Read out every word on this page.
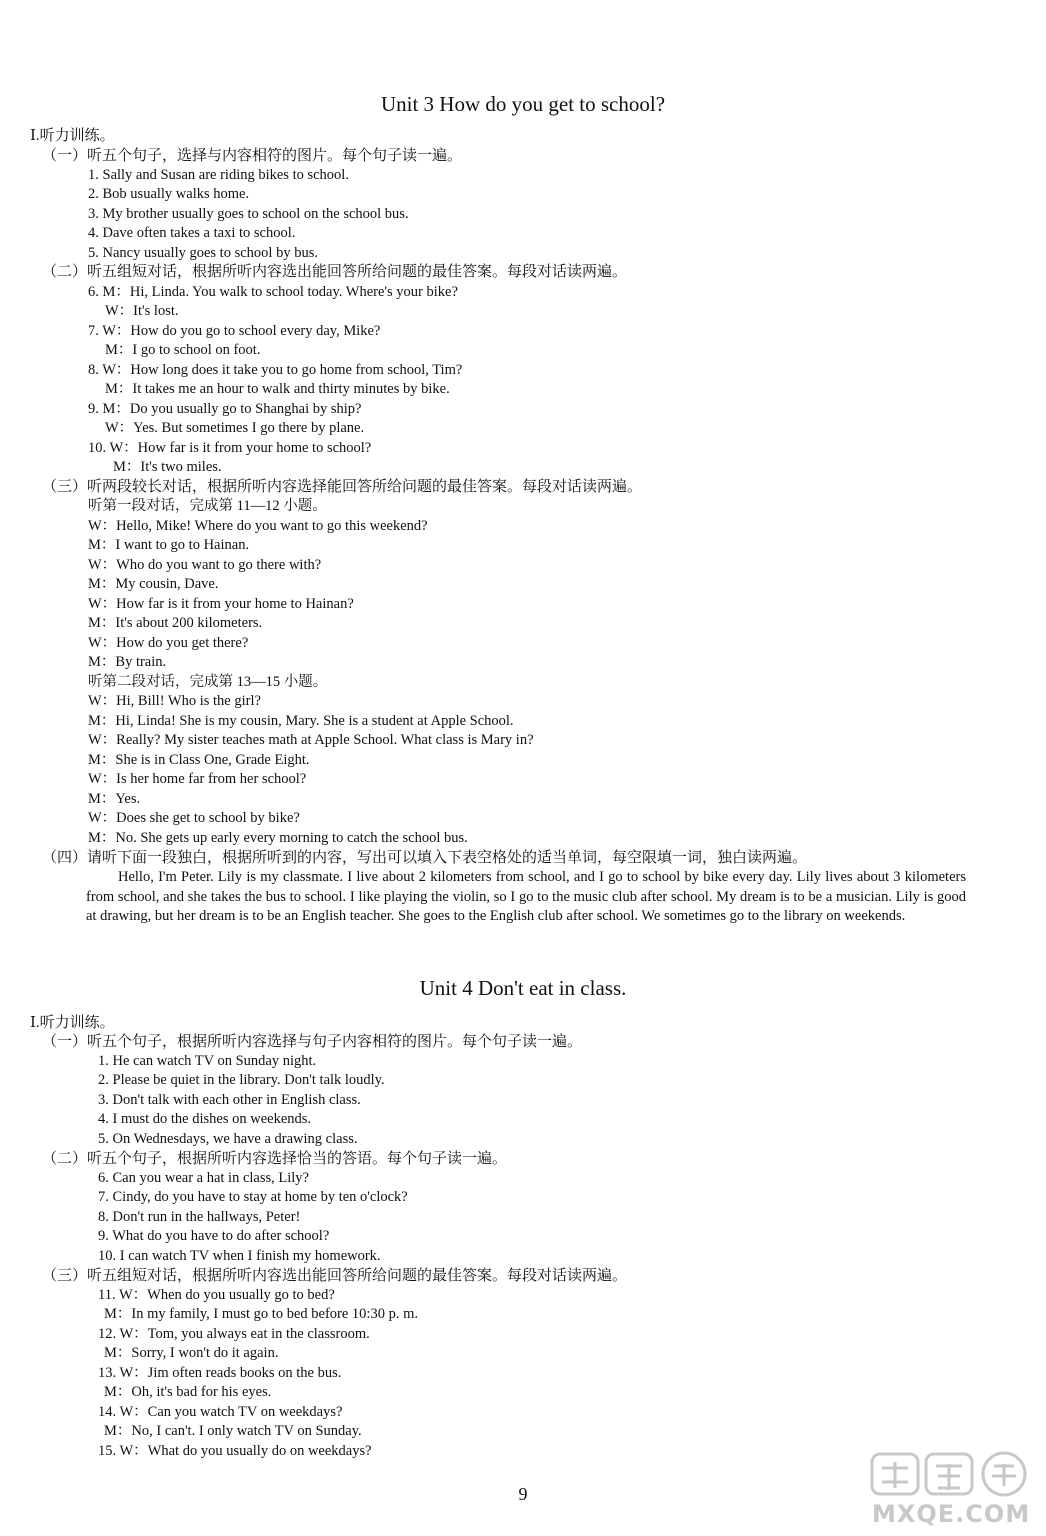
Unit 3 How do you get to school?
Ⅰ.听力训练。
（一）听五个句子，选择与内容相符的图片。每个句子读一遍。
1. Sally and Susan are riding bikes to school.
2. Bob usually walks home.
3. My brother usually goes to school on the school bus.
4. Dave often takes a taxi to school.
5. Nancy usually goes to school by bus.
（二）听五组短对话，根据所听内容选出能回答所给问题的最佳答案。每段对话读两遍。
6. M：Hi, Linda. You walk to school today. Where's your bike?
W：It's lost.
7. W：How do you go to school every day, Mike?
M：I go to school on foot.
8. W：How long does it take you to go home from school, Tim?
M：It takes me an hour to walk and thirty minutes by bike.
9. M：Do you usually go to Shanghai by ship?
W：Yes. But sometimes I go there by plane.
10. W：How far is it from your home to school?
M：It's two miles.
（三）听两段较长对话，根据所听内容选择能回答所给问题的最佳答案。每段对话读两遍。
听第一段对话，完成第 11—12 小题。
W：Hello, Mike! Where do you want to go this weekend?
M：I want to go to Hainan.
W：Who do you want to go there with?
M：My cousin, Dave.
W：How far is it from your home to Hainan?
M：It's about 200 kilometers.
W：How do you get there?
M：By train.
听第二段对话，完成第 13—15 小题。
W：Hi, Bill! Who is the girl?
M：Hi, Linda! She is my cousin, Mary. She is a student at Apple School.
W：Really? My sister teaches math at Apple School. What class is Mary in?
M：She is in Class One, Grade Eight.
W：Is her home far from her school?
M：Yes.
W：Does she get to school by bike?
M：No. She gets up early every morning to catch the school bus.
（四）请听下面一段独白，根据所听到的内容，写出可以填入下表空格处的适当单词，每空限填一词，独白读两遍。
Hello, I'm Peter. Lily is my classmate. I live about 2 kilometers from school, and I go to school by bike every day. Lily lives about 3 kilometers from school, and she takes the bus to school. I like playing the violin, so I go to the music club after school. My dream is to be a musician. Lily is good at drawing, but her dream is to be an English teacher. She goes to the English club after school. We sometimes go to the library on weekends.
Unit 4 Don't eat in class.
Ⅰ.听力训练。
（一）听五个句子，根据所听内容选择与句子内容相符的图片。每个句子读一遍。
1. He can watch TV on Sunday night.
2. Please be quiet in the library. Don't talk loudly.
3. Don't talk with each other in English class.
4. I must do the dishes on weekends.
5. On Wednesdays, we have a drawing class.
（二）听五个句子，根据所听内容选择恰当的答语。每个句子读一遍。
6. Can you wear a hat in class, Lily?
7. Cindy, do you have to stay at home by ten o'clock?
8. Don't run in the hallways, Peter!
9. What do you have to do after school?
10. I can watch TV when I finish my homework.
（三）听五组短对话，根据所听内容选出能回答所给问题的最佳答案。每段对话读两遍。
11. W：When do you usually go to bed?
M：In my family, I must go to bed before 10:30 p. m.
12. W：Tom, you always eat in the classroom.
M：Sorry, I won't do it again.
13. W：Jim often reads books on the bus.
M：Oh, it's bad for his eyes.
14. W：Can you watch TV on weekdays?
M：No, I can't. I only watch TV on Sunday.
15. W：What do you usually do on weekdays?
9
MXQE.COM
